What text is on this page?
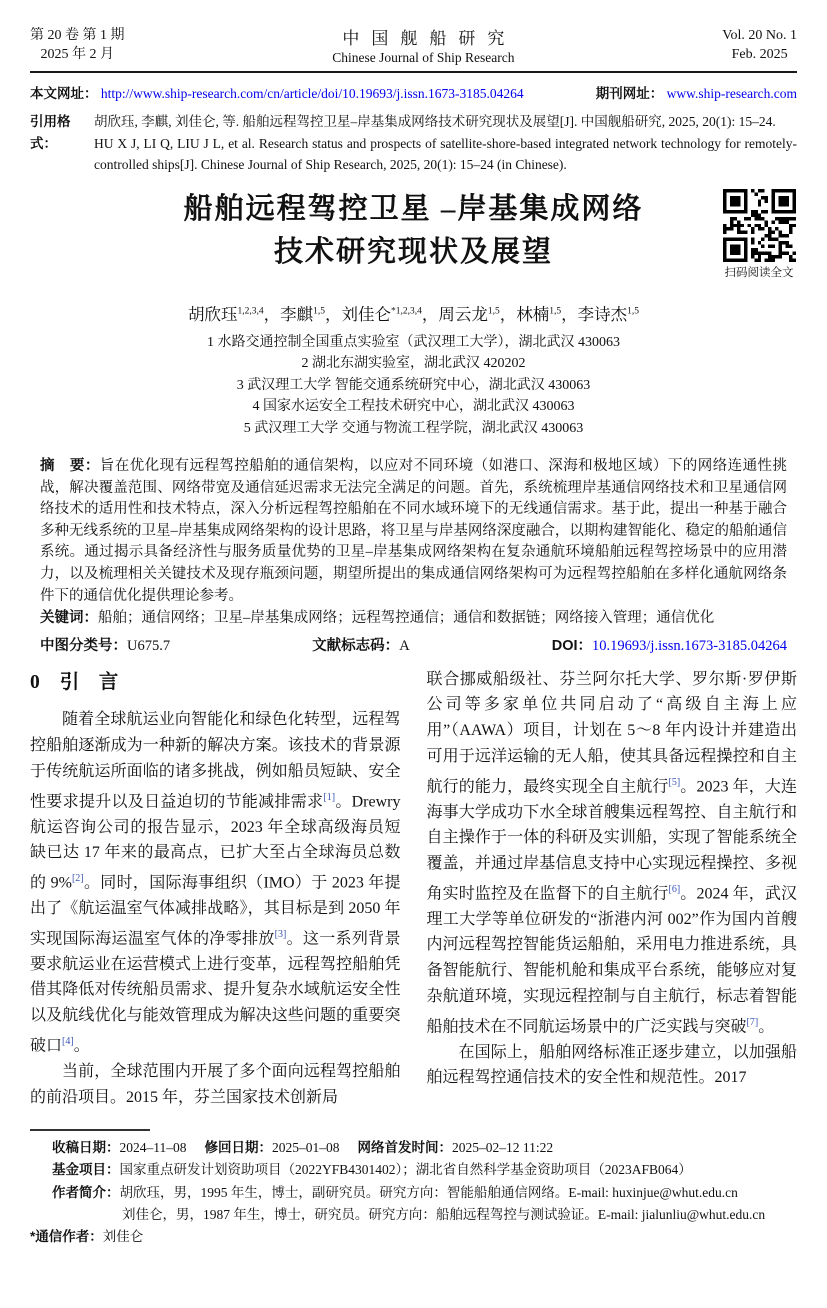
第 20 卷 第 1 期
2025 年 2 月
中国舰船研究
Chinese Journal of Ship Research
Vol. 20 No. 1
Feb. 2025
本文网址： http://www.ship-research.com/cn/article/doi/10.19693/j.issn.1673-3185.04264	期刊网址： www.ship-research.com
引用格式：
胡欣珏, 李麒, 刘佳仑, 等. 船舶远程驾控卫星–岸基集成网络技术研究现状及展望[J]. 中国舰船研究, 2025, 20(1): 15–24.
HU X J, LI Q, LIU J L, et al. Research status and prospects of satellite-shore-based integrated network technology for remotely-controlled ships[J]. Chinese Journal of Ship Research, 2025, 20(1): 15–24 (in Chinese).
船舶远程驾控卫星 –岸基集成网络
技术研究现状及展望
扫码阅读全文
胡欣珏$^{1,2,3,4}$，李麒$^{1,5}$，刘佳仑$^{*1,2,3,4}$，周云龙$^{1,5}$，林楠$^{1,5}$，李诗杰$^{1,5}$
1 水路交通控制全国重点实验室（武汉理工大学），湖北武汉 430063
2 湖北东湖实验室，湖北武汉 420202
3 武汉理工大学 智能交通系统研究中心，湖北武汉 430063
4 国家水运安全工程技术研究中心，湖北武汉 430063
5 武汉理工大学 交通与物流工程学院，湖北武汉 430063
摘　要：旨在优化现有远程驾控船舶的通信架构，以应对不同环境（如港口、深海和极地区域）下的网络连通性挑战，解决覆盖范围、网络带宽及通信延迟需求无法完全满足的问题。首先，系统梳理岸基通信网络技术和卫星通信网络技术的适用性和技术特点，深入分析远程驾控船舶在不同水域环境下的无线通信需求。基于此，提出一种基于融合多种无线系统的卫星–岸基集成网络架构的设计思路，将卫星与岸基网络深度融合，以期构建智能化、稳定的船舶通信系统。通过揭示具备经济性与服务质量优势的卫星–岸基集成网络架构在复杂通航环境船舶远程驾控场景中的应用潜力，以及梳理相关关键技术及现存瓶颈问题，期望所提出的集成通信网络架构可为远程驾控船舶在多样化通航网络条件下的通信优化提供理论参考。
关键词：船舶；通信网络；卫星–岸基集成网络；远程驾控通信；通信和数据链；网络接入管理；通信优化
中图分类号：U675.7	文献标志码：A	DOI：10.19693/j.issn.1673-3185.04264
0 引　言

随着全球航运业向智能化和绿色化转型，远程驾控船舶逐渐成为一种新的解决方案。该技术的背景源于传统航运所面临的诸多挑战，例如船员短缺、安全性要求提升以及日益迫切的节能减排需求[1]。Drewry 航运咨询公司的报告显示，2023 年全球高级海员短缺已达 17 年来的最高点，已扩大至占全球海员总数的 9%[2]。同时，国际海事组织（IMO）于 2023 年提出了《航运温室气体减排战略》，其目标是到 2050 年实现国际海运温室气体的净零排放[3]。这一系列背景要求航运业在运营模式上进行变革，远程驾控船舶凭借其降低对传统船员需求、提升复杂水域航运安全性以及航线优化与能效管理成为解决这些问题的重要突破口[4]。

当前，全球范围内开展了多个面向远程驾控船舶的前沿项目。2015 年，芬兰国家技术创新局

联合挪威船级社、芬兰阿尔托大学、罗尔斯·罗伊斯公司等多家单位共同启动了“高级自主海上应用”（AAWA）项目，计划在 5～8 年内设计并建造出可用于远洋运输的无人船，使其具备远程操控和自主航行的能力，最终实现全自主航行[5]。2023 年，大连海事大学成功下水全球首艘集远程驾控、自主航行和自主操作于一体的科研及实训船，实现了智能系统全覆盖，并通过岸基信息支持中心实现远程操控、多视角实时监控及在监督下的自主航行[6]。2024 年，武汉理工大学等单位研发的“浙港内河 002”作为国内首艘内河远程驾控智能货运船舶，采用电力推进系统，具备智能航行、智能机舱和集成平台系统，能够应对复杂航道环境，实现远程控制与自主航行，标志着智能船舶技术在不同航运场景中的广泛实践与突破[7]。

在国际上，船舶网络标准正逐步建立，以加强船舶远程驾控通信技术的安全性和规范性。2017

收稿日期：2024–11–08 修回日期：2025–01–08 网络首发时间：2025–02–12 11:22
基金项目：国家重点研发计划资助项目（2022YFB4301402）；湖北省自然科学基金资助项目（2023AFB064）
作者简介：胡欣珏，男，1995 年生，博士，副研究员。研究方向：智能船舶通信网络。E-mail: huxinjue@whut.edu.cn
刘佳仑，男，1987 年生，博士，研究员。研究方向：船舶远程驾控与测试验证。E-mail: jialunliu@whut.edu.cn
*通信作者：刘佳仑
